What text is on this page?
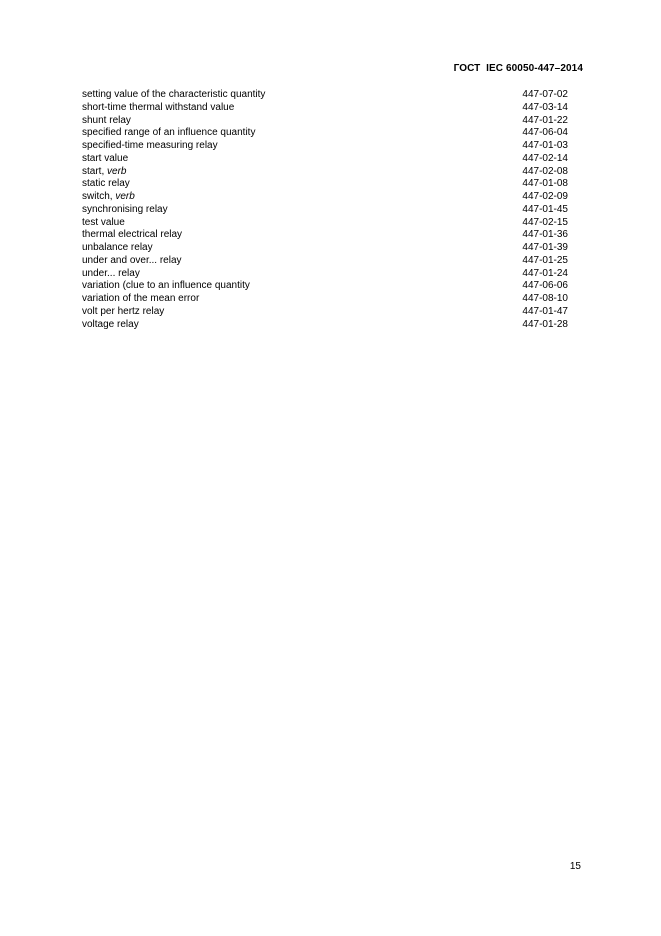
ГОСТ  IEC 60050-447–2014
setting value of the characteristic quantity	447-07-02
short-time thermal withstand value	447-03-14
shunt relay	447-01-22
specified range of an influence quantity	447-06-04
specified-time measuring relay	447-01-03
start value	447-02-14
start, verb	447-02-08
static relay	447-01-08
switch, verb	447-02-09
synchronising relay	447-01-45
test value	447-02-15
thermal electrical relay	447-01-36
unbalance relay	447-01-39
under and over... relay	447-01-25
under... relay	447-01-24
variation (clue to an influence quantity	447-06-06
variation of the mean error	447-08-10
volt per hertz relay	447-01-47
voltage relay	447-01-28
15
